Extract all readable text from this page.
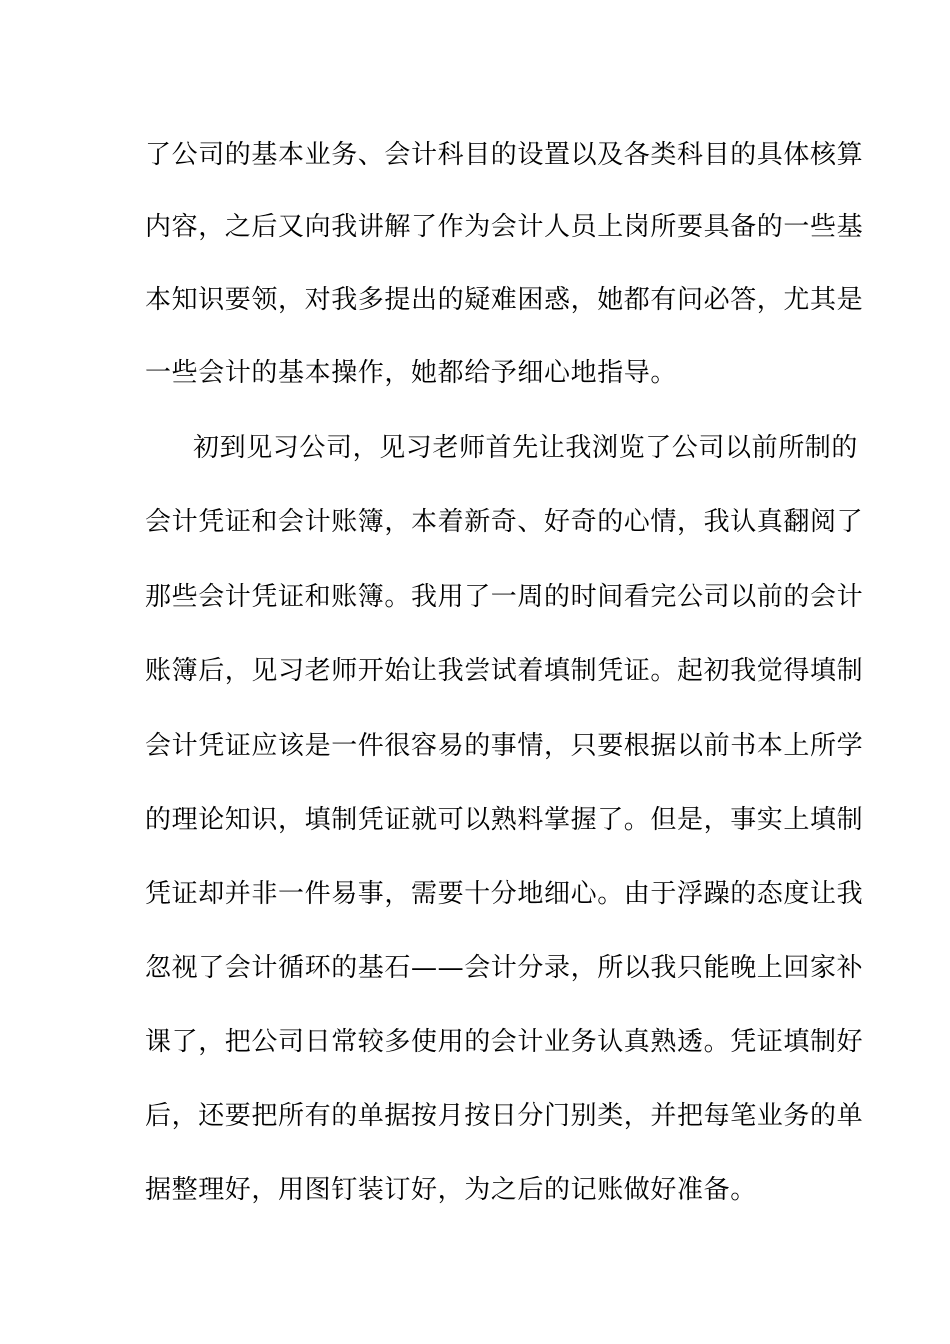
了公司的基本业务、会计科目的设置以及各类科目的具体核算
内容，之后又向我讲解了作为会计人员上岗所要具备的一些基
本知识要领，对我多提出的疑难困惑，她都有问必答，尤其是
一些会计的基本操作，她都给予细心地指导。
初到见习公司，见习老师首先让我浏览了公司以前所制的
会计凭证和会计账簿，本着新奇、好奇的心情，我认真翻阅了
那些会计凭证和账簿。我用了一周的时间看完公司以前的会计
账簿后，见习老师开始让我尝试着填制凭证。起初我觉得填制
会计凭证应该是一件很容易的事情，只要根据以前书本上所学
的理论知识，填制凭证就可以熟料掌握了。但是，事实上填制
凭证却并非一件易事，需要十分地细心。由于浮躁的态度让我
忽视了会计循环的基石——会计分录，所以我只能晚上回家补
课了，把公司日常较多使用的会计业务认真熟透。凭证填制好
后，还要把所有的单据按月按日分门别类，并把每笔业务的单
据整理好，用图钉装订好，为之后的记账做好准备。
